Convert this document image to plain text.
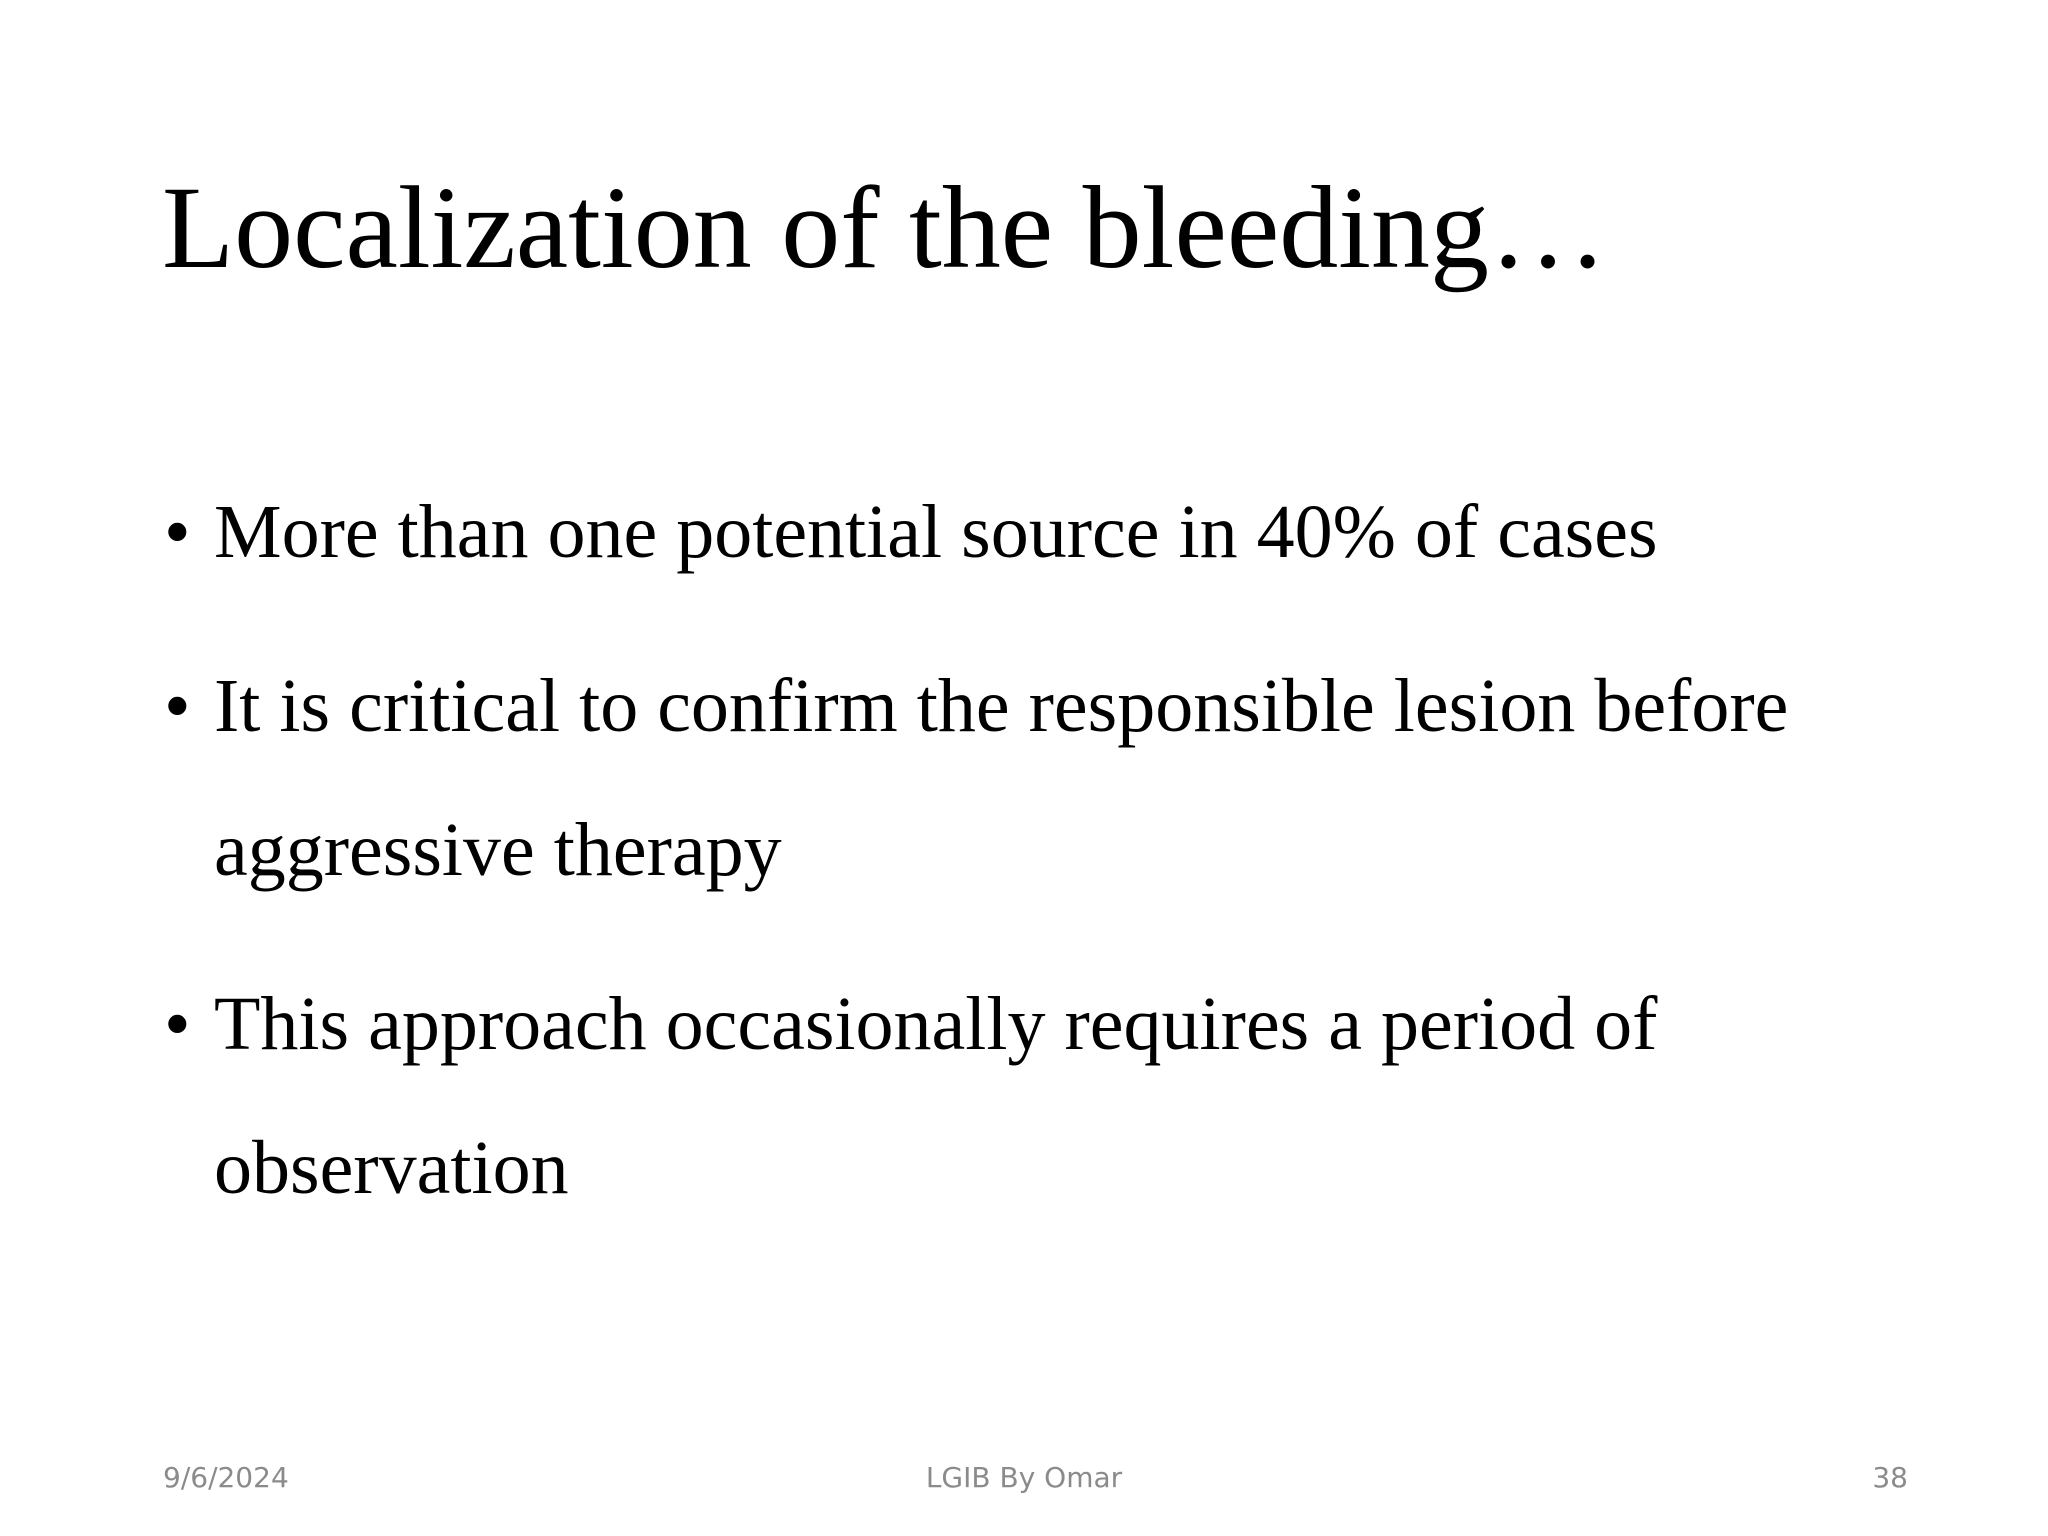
Localization of the bleeding…
• More than one potential source in 40% of cases
• It is critical to confirm the responsible lesion before aggressive therapy
• This approach occasionally requires a period of observation
9/6/2024	LGIB By Omar	38
